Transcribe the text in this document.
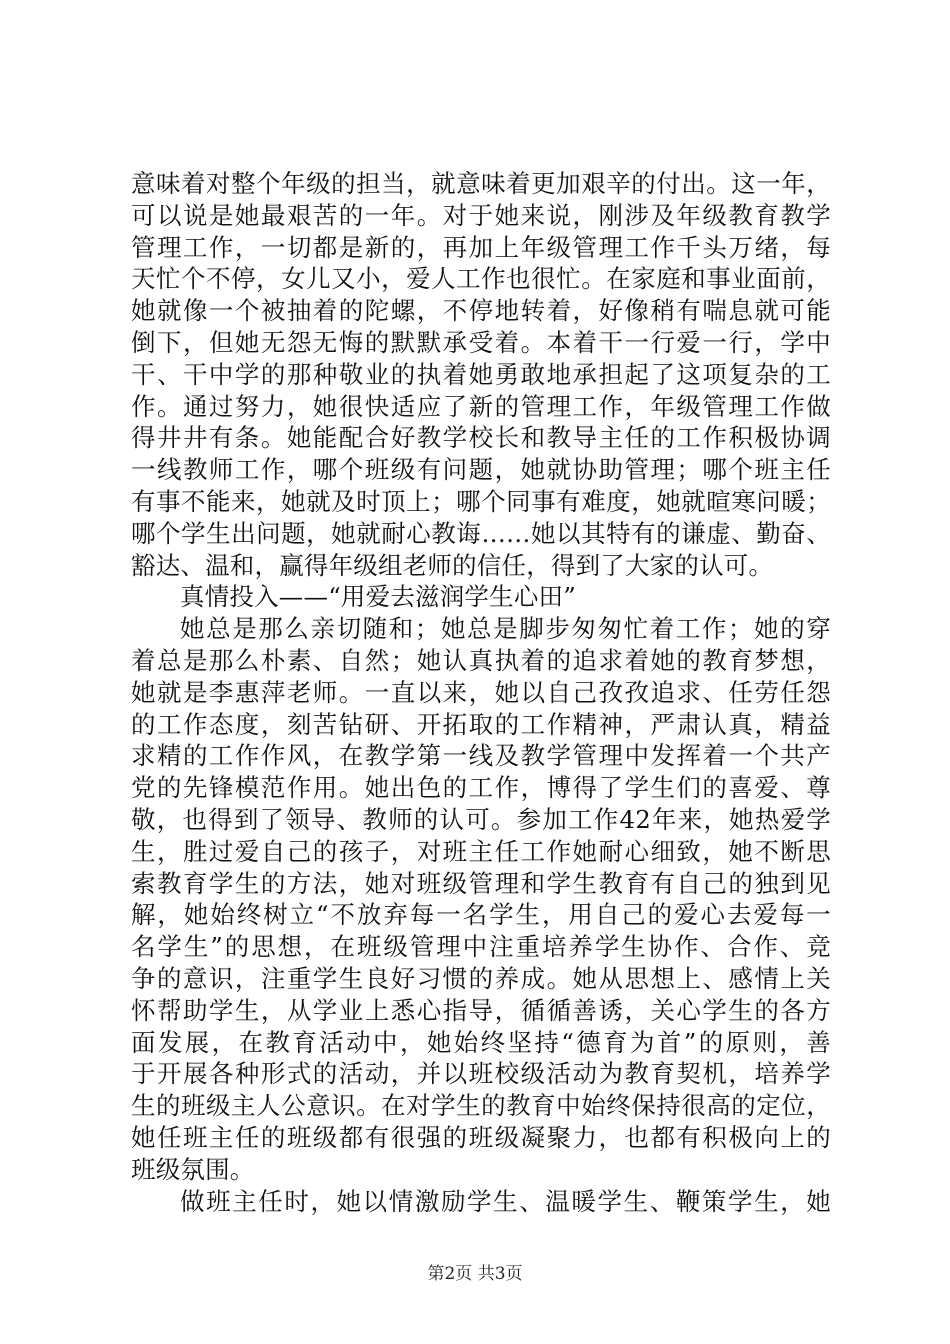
意味着对整个年级的担当，就意味着更加艰辛的付出。这一年，
可以说是她最艰苦的一年。对于她来说，刚涉及年级教育教学
管理工作，一切都是新的，再加上年级管理工作千头万绪，每
天忙个不停，女儿又小，爱人工作也很忙。在家庭和事业面前，
她就像一个被抽着的陀螺，不停地转着，好像稍有喘息就可能
倒下，但她无怨无悔的默默承受着。本着干一行爱一行，学中
干、干中学的那种敬业的执着她勇敢地承担起了这项复杂的工
作。通过努力，她很快适应了新的管理工作，年级管理工作做
得井井有条。她能配合好教学校长和教导主任的工作积极协调
一线教师工作，哪个班级有问题，她就协助管理；哪个班主任
有事不能来，她就及时顶上；哪个同事有难度，她就暄寒问暖；
哪个学生出问题，她就耐心教诲……她以其特有的谦虚、勤奋、
豁达、温和，赢得年级组老师的信任，得到了大家的认可。
真情投入——“用爱去滋润学生心田”
她总是那么亲切随和；她总是脚步匆匆忙着工作；她的穿
着总是那么朴素、自然；她认真执着的追求着她的教育梦想，
她就是李惠萍老师。一直以来，她以自己孜孜追求、任劳任怨
的工作态度，刻苦钻研、开拓取的工作精神，严肃认真，精益
求精的工作作风，在教学第一线及教学管理中发挥着一个共产
党的先锋模范作用。她出色的工作，博得了学生们的喜爱、尊
敬，也得到了领导、教师的认可。参加工作42年来，她热爱学
生，胜过爱自己的孩子，对班主任工作她耐心细致，她不断思
索教育学生的方法，她对班级管理和学生教育有自己的独到见
解，她始终树立“不放弃每一名学生，用自己的爱心去爱每一
名学生”的思想，在班级管理中注重培养学生协作、合作、竞
争的意识，注重学生良好习惯的养成。她从思想上、感情上关
怀帮助学生，从学业上悉心指导，循循善诱，关心学生的各方
面发展，在教育活动中，她始终坚持“德育为首”的原则，善
于开展各种形式的活动，并以班校级活动为教育契机，培养学
生的班级主人公意识。在对学生的教育中始终保持很高的定位，
她任班主任的班级都有很强的班级凝聚力，也都有积极向上的
班级氛围。
做班主任时，她以情激励学生、温暖学生、鞭策学生，她
第2页 共3页
